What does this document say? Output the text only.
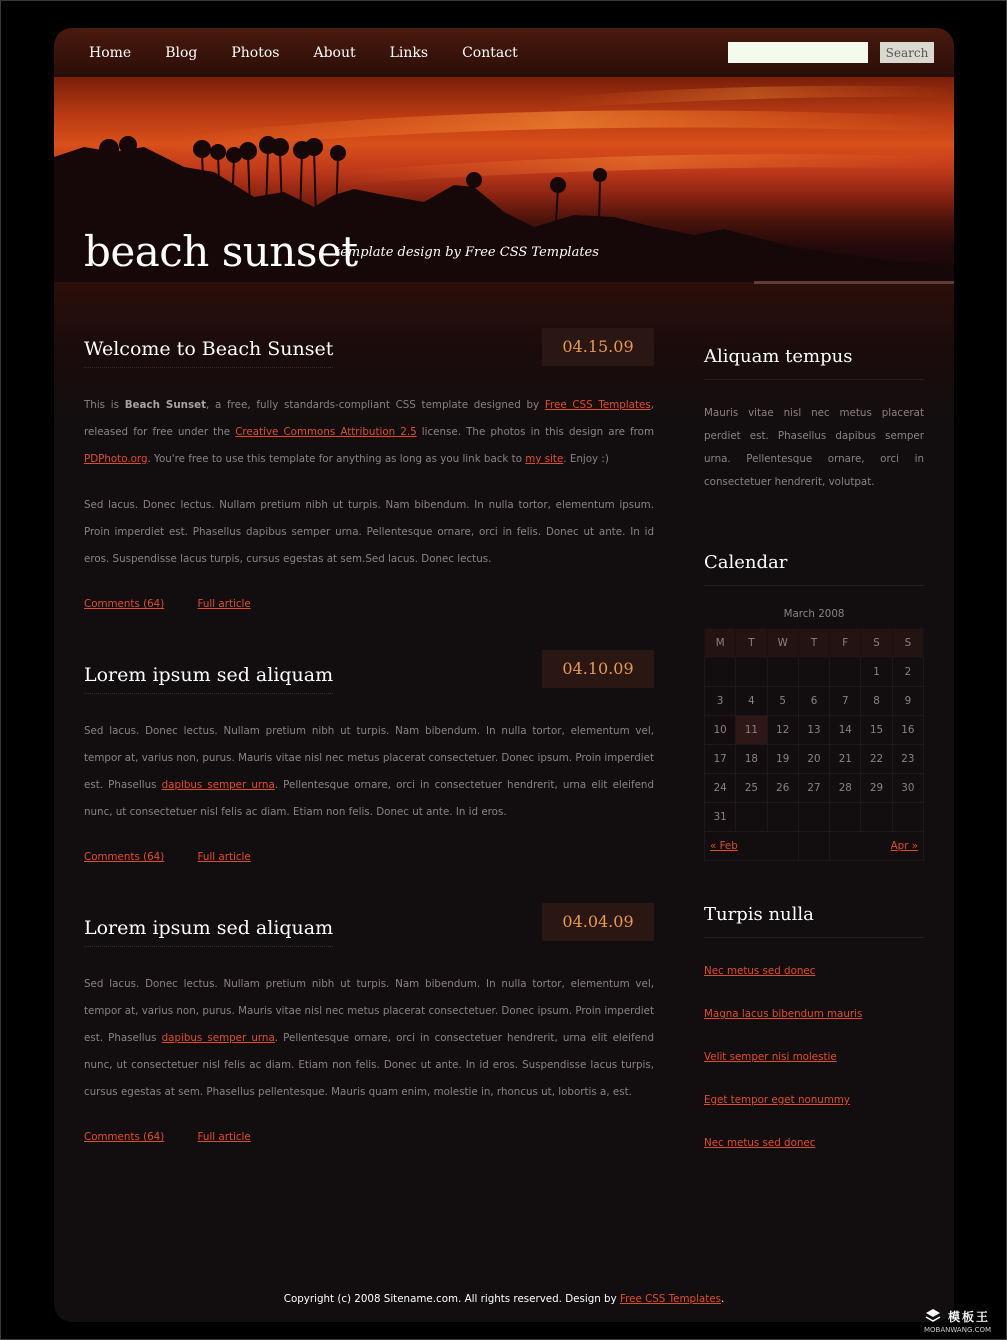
Home	Blog	Photos	About	Links	Contact	Search
beach sunset

template design by Free CSS Templates

Welcome to Beach Sunset	04.15.09

This is Beach Sunset, a free, fully standards-compliant CSS template designed by Free CSS Templates, released for free under the Creative Commons Attribution 2.5 license. The photos in this design are from PDPhoto.org. You're free to use this template for anything as long as you link back to my site. Enjoy :)

Sed lacus. Donec lectus. Nullam pretium nibh ut turpis. Nam bibendum. In nulla tortor, elementum ipsum. Proin imperdiet est. Phasellus dapibus semper urna. Pellentesque ornare, orci in felis. Donec ut ante. In id eros. Suspendisse lacus turpis, cursus egestas at sem.Sed lacus. Donec lectus.

Comments (64)	Full article
Lorem ipsum sed aliquam	04.10.09

Sed lacus. Donec lectus. Nullam pretium nibh ut turpis. Nam bibendum. In nulla tortor, elementum vel, tempor at, varius non, purus. Mauris vitae nisl nec metus placerat consectetuer. Donec ipsum. Proin imperdiet est. Phasellus dapibus semper urna. Pellentesque ornare, orci in consectetuer hendrerit, urna elit eleifend nunc, ut consectetuer nisl felis ac diam. Etiam non felis. Donec ut ante. In id eros.

Comments (64)	Full article
Lorem ipsum sed aliquam	04.04.09

Sed lacus. Donec lectus. Nullam pretium nibh ut turpis. Nam bibendum. In nulla tortor, elementum vel, tempor at, varius non, purus. Mauris vitae nisl nec metus placerat consectetuer. Donec ipsum. Proin imperdiet est. Phasellus dapibus semper urna. Pellentesque ornare, orci in consectetuer hendrerit, urna elit eleifend nunc, ut consectetuer nisl felis ac diam. Etiam non felis. Donec ut ante. In id eros. Suspendisse lacus turpis, cursus egestas at sem. Phasellus pellentesque. Mauris quam enim, molestie in, rhoncus ut, lobortis a, est.

Comments (64)	Full article
Aliquam tempus

Mauris vitae nisl nec metus placerat perdiet est. Phasellus dapibus semper urna. Pellentesque ornare, orci in consectetuer hendrerit, volutpat.

Calendar
March 2008
M	T	W	T	F	S	S
					1	2
3	4	5	6	7	8	9
10	11	12	13	14	15	16
17	18	19	20	21	22	23
24	25	26	27	28	29	30
31						
« Feb				Apr »		
Turpis nulla
Nec metus sed donec
Magna lacus bibendum mauris
Velit semper nisi molestie
Eget tempor eget nonummy
Nec metus sed donec
Copyright (c) 2008 Sitename.com. All rights reserved. Design by Free CSS Templates.
模板王
MOBANWANG.COM
